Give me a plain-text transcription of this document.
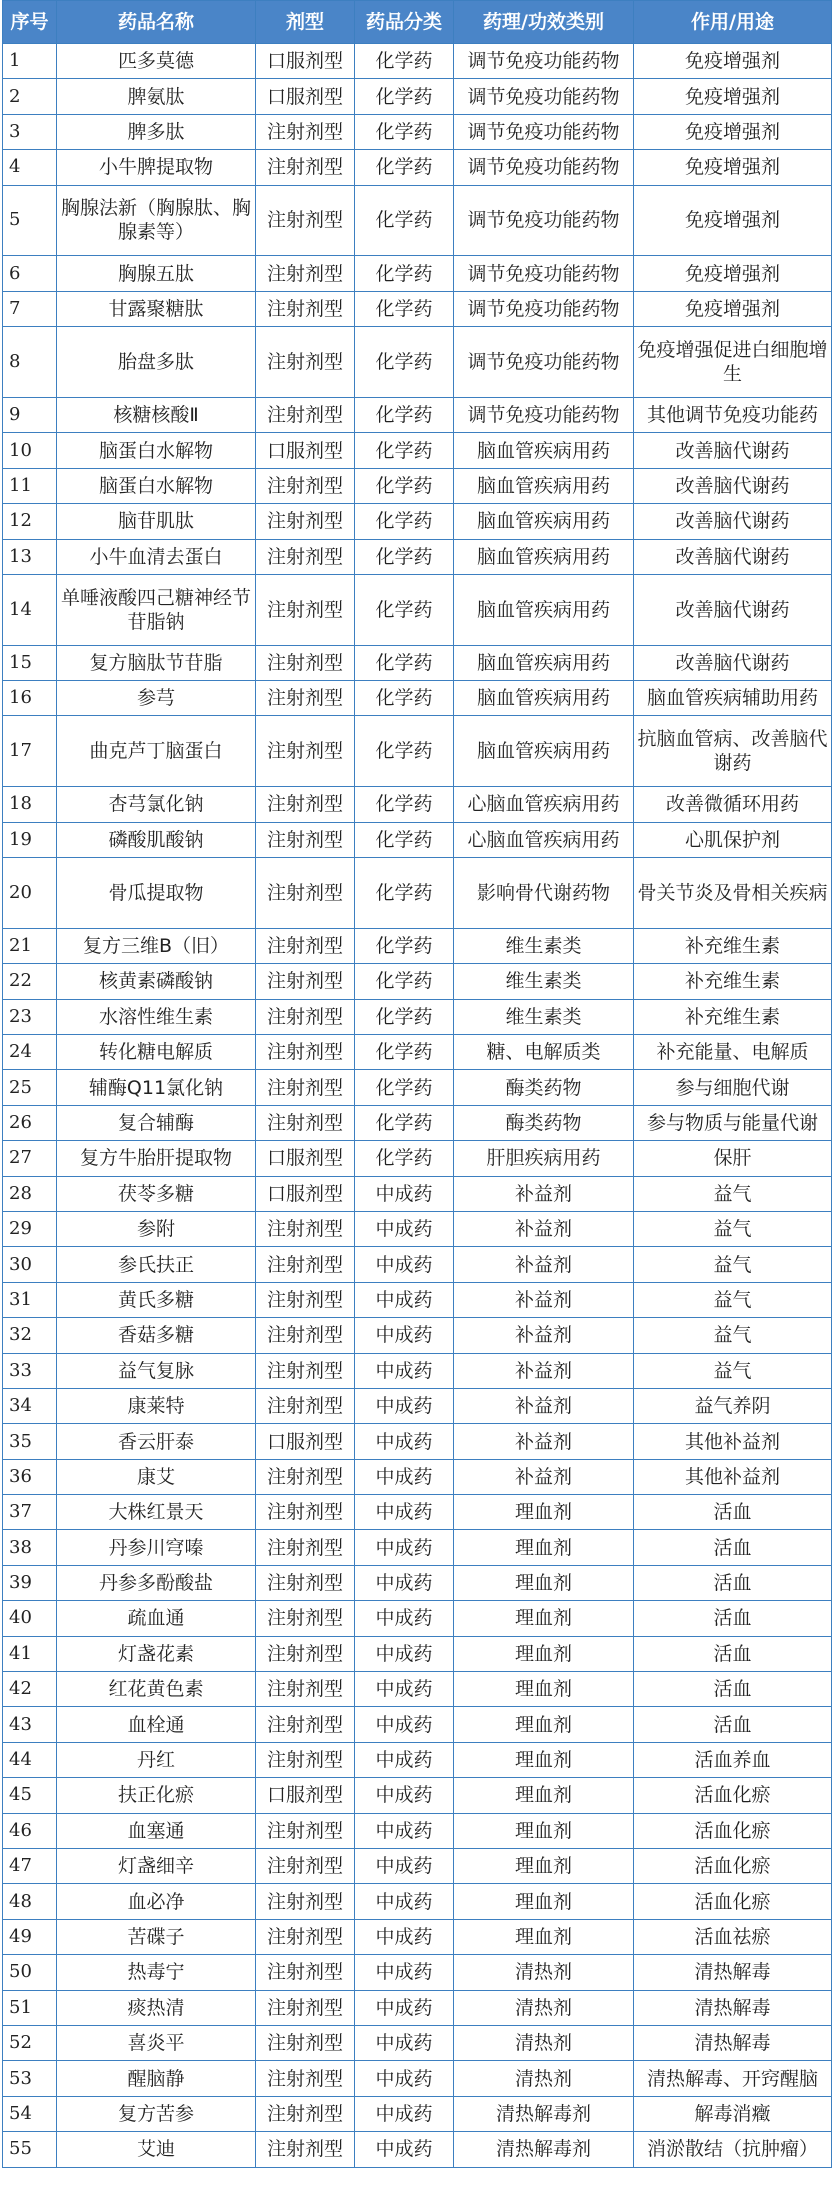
序号	药品名称	剂型	药品分类	药理/功效类别	作用/用途
1	匹多莫德	口服剂型	化学药	调节免疫功能药物	免疫增强剂
2	脾氨肽	口服剂型	化学药	调节免疫功能药物	免疫增强剂
3	脾多肽	注射剂型	化学药	调节免疫功能药物	免疫增强剂
4	小牛脾提取物	注射剂型	化学药	调节免疫功能药物	免疫增强剂
5	胸腺法新（胸腺肽、胸腺素等）	注射剂型	化学药	调节免疫功能药物	免疫增强剂
6	胸腺五肽	注射剂型	化学药	调节免疫功能药物	免疫增强剂
7	甘露聚糖肽	注射剂型	化学药	调节免疫功能药物	免疫增强剂
8	胎盘多肽	注射剂型	化学药	调节免疫功能药物	免疫增强促进白细胞增生
9	核糖核酸Ⅱ	注射剂型	化学药	调节免疫功能药物	其他调节免疫功能药
10	脑蛋白水解物	口服剂型	化学药	脑血管疾病用药	改善脑代谢药
11	脑蛋白水解物	注射剂型	化学药	脑血管疾病用药	改善脑代谢药
12	脑苷肌肽	注射剂型	化学药	脑血管疾病用药	改善脑代谢药
13	小牛血清去蛋白	注射剂型	化学药	脑血管疾病用药	改善脑代谢药
14	单唾液酸四己糖神经节苷脂钠	注射剂型	化学药	脑血管疾病用药	改善脑代谢药
15	复方脑肽节苷脂	注射剂型	化学药	脑血管疾病用药	改善脑代谢药
16	参芎	注射剂型	化学药	脑血管疾病用药	脑血管疾病辅助用药
17	曲克芦丁脑蛋白	注射剂型	化学药	脑血管疾病用药	抗脑血管病、改善脑代谢药
18	杏芎氯化钠	注射剂型	化学药	心脑血管疾病用药	改善微循环用药
19	磷酸肌酸钠	注射剂型	化学药	心脑血管疾病用药	心肌保护剂
20	骨瓜提取物	注射剂型	化学药	影响骨代谢药物	骨关节炎及骨相关疾病
21	复方三维B（旧）	注射剂型	化学药	维生素类	补充维生素
22	核黄素磷酸钠	注射剂型	化学药	维生素类	补充维生素
23	水溶性维生素	注射剂型	化学药	维生素类	补充维生素
24	转化糖电解质	注射剂型	化学药	糖、电解质类	补充能量、电解质
25	辅酶Q11氯化钠	注射剂型	化学药	酶类药物	参与细胞代谢
26	复合辅酶	注射剂型	化学药	酶类药物	参与物质与能量代谢
27	复方牛胎肝提取物	口服剂型	化学药	肝胆疾病用药	保肝
28	茯苓多糖	口服剂型	中成药	补益剂	益气
29	参附	注射剂型	中成药	补益剂	益气
30	参氏扶正	注射剂型	中成药	补益剂	益气
31	黄氏多糖	注射剂型	中成药	补益剂	益气
32	香菇多糖	注射剂型	中成药	补益剂	益气
33	益气复脉	注射剂型	中成药	补益剂	益气
34	康莱特	注射剂型	中成药	补益剂	益气养阴
35	香云肝泰	口服剂型	中成药	补益剂	其他补益剂
36	康艾	注射剂型	中成药	补益剂	其他补益剂
37	大株红景天	注射剂型	中成药	理血剂	活血
38	丹参川穹嗪	注射剂型	中成药	理血剂	活血
39	丹参多酚酸盐	注射剂型	中成药	理血剂	活血
40	疏血通	注射剂型	中成药	理血剂	活血
41	灯盏花素	注射剂型	中成药	理血剂	活血
42	红花黄色素	注射剂型	中成药	理血剂	活血
43	血栓通	注射剂型	中成药	理血剂	活血
44	丹红	注射剂型	中成药	理血剂	活血养血
45	扶正化瘀	口服剂型	中成药	理血剂	活血化瘀
46	血塞通	注射剂型	中成药	理血剂	活血化瘀
47	灯盏细辛	注射剂型	中成药	理血剂	活血化瘀
48	血必净	注射剂型	中成药	理血剂	活血化瘀
49	苦碟子	注射剂型	中成药	理血剂	活血祛瘀
50	热毒宁	注射剂型	中成药	清热剂	清热解毒
51	痰热清	注射剂型	中成药	清热剂	清热解毒
52	喜炎平	注射剂型	中成药	清热剂	清热解毒
53	醒脑静	注射剂型	中成药	清热剂	清热解毒、开窍醒脑
54	复方苦参	注射剂型	中成药	清热解毒剂	解毒消癥
55	艾迪	注射剂型	中成药	清热解毒剂	消淤散结（抗肿瘤）
